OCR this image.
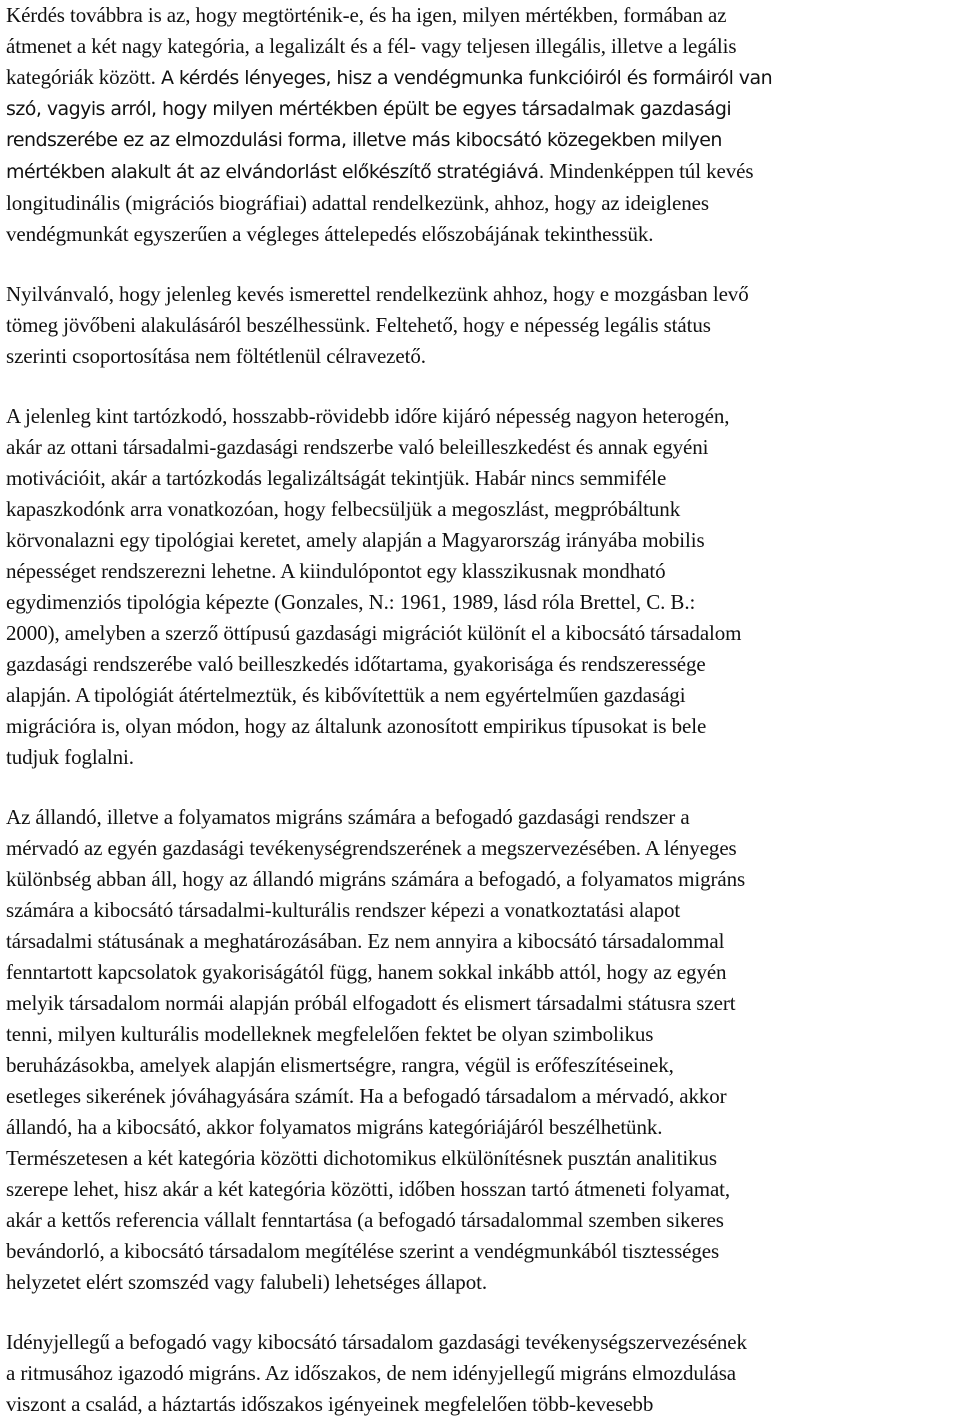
Kérdés továbbra is az, hogy megtörténik-e, és ha igen, milyen mértékben, formában az
átmenet a két nagy kategória, a legalizált és a fél- vagy teljesen illegális, illetve a legális
kategóriák között. A kérdés lényeges, hisz a vendégmunka funkcióiról és formáiról van
szó, vagyis arról, hogy milyen mértékben épült be egyes társadalmak gazdasági
rendszerébe ez az elmozdulási forma, illetve más kibocsátó közegekben milyen
mértékben alakult át az elvándorlást előkészítő stratégiává. Mindenképpen túl kevés
longitudinális (migrációs biográfiai) adattal rendelkezünk, ahhoz, hogy az ideiglenes
vendégmunkát egyszerűen a végleges áttelepedés előszobájának tekinthessük.

Nyilvánvaló, hogy jelenleg kevés ismerettel rendelkezünk ahhoz, hogy e mozgásban levő
tömeg jövőbeni alakulásáról beszélhessünk. Feltehető, hogy e népesség legális státus
szerinti csoportosítása nem föltétlenül célravezető.

A jelenleg kint tartózkodó, hosszabb-rövidebb időre kijáró népesség nagyon heterogén,
akár az ottani társadalmi-gazdasági rendszerbe való beleilleszkedést és annak egyéni
motivációit, akár a tartózkodás legalizáltságát tekintjük. Habár nincs semmiféle
kapaszkodónk arra vonatkozóan, hogy felbecsüljük a megoszlást, megpróbáltunk
körvonalazni egy tipológiai keretet, amely alapján a Magyarország irányába mobilis
népességet rendszerezni lehetne. A kiindulópontot egy klasszikusnak mondható
egydimenziós tipológia képezte (Gonzales, N.: 1961, 1989, lásd róla Brettel, C. B.:
2000), amelyben a szerző öttípusú gazdasági migrációt különít el a kibocsátó társadalom
gazdasági rendszerébe való beilleszkedés időtartama, gyakorisága és rendszeressége
alapján. A tipológiát átértelmeztük, és kibővítettük a nem egyértelműen gazdasági
migrációra is, olyan módon, hogy az általunk azonosított empirikus típusokat is bele
tudjuk foglalni.

Az állandó, illetve a folyamatos migráns számára a befogadó gazdasági rendszer a
mérvadó az egyén gazdasági tevékenységrendszerének a megszervezésében. A lényeges
különbség abban áll, hogy az állandó migráns számára a befogadó, a folyamatos migráns
számára a kibocsátó társadalmi-kulturális rendszer képezi a vonatkoztatási alapot
társadalmi státusának a meghatározásában. Ez nem annyira a kibocsátó társadalommal
fenntartott kapcsolatok gyakoriságától függ, hanem sokkal inkább attól, hogy az egyén
melyik társadalom normái alapján próbál elfogadott és elismert társadalmi státusra szert
tenni, milyen kulturális modelleknek megfelelően fektet be olyan szimbolikus
beruházásokba, amelyek alapján elismertségre, rangra, végül is erőfeszítéseinek,
esetleges sikerének jóváhagyására számít. Ha a befogadó társadalom a mérvadó, akkor
állandó, ha a kibocsátó, akkor folyamatos migráns kategóriájáról beszélhetünk.
Természetesen a két kategória közötti dichotomikus elkülönítésnek pusztán analitikus
szerepe lehet, hisz akár a két kategória közötti, időben hosszan tartó átmeneti folyamat,
akár a kettős referencia vállalt fenntartása (a befogadó társadalommal szemben sikeres
bevándorló, a kibocsátó társadalom megítélése szerint a vendégmunkából tisztességes
helyzetet elért szomszéd vagy falubeli) lehetséges állapot.

Idényjellegű a befogadó vagy kibocsátó társadalom gazdasági tevékenységszervezésének
a ritmusához igazodó migráns. Az időszakos, de nem idényjellegű migráns elmozdulása
viszont a család, a háztartás időszakos igényeinek megfelelően több-kevesebb
